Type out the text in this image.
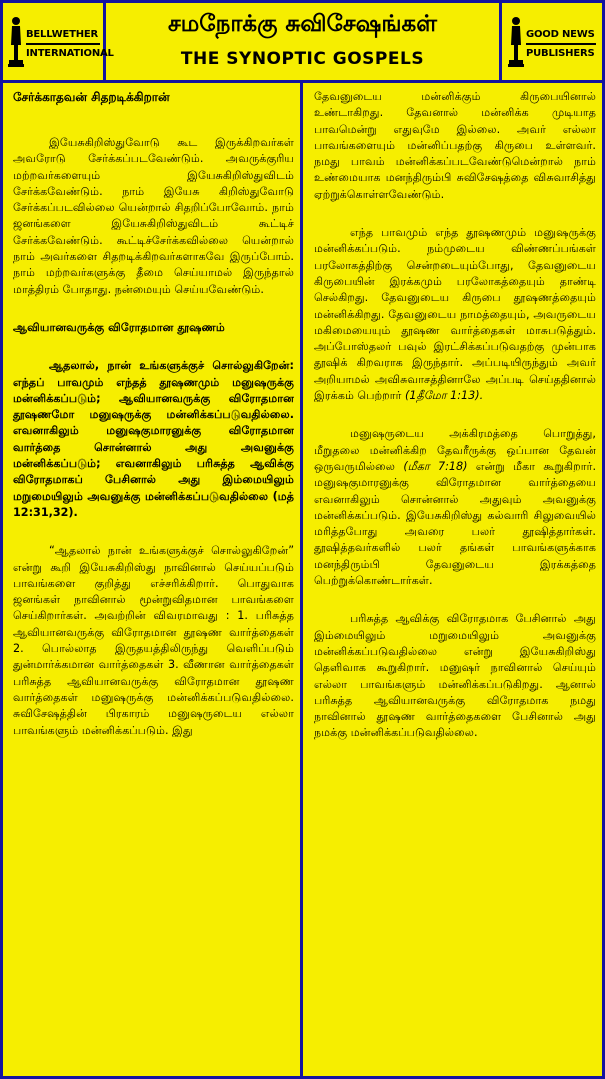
BELLWETHER
INTERNATIONAL
சமநோக்கு சுவிசேஷங்கள்
THE SYNOPTIC GOSPELS
GOOD NEWS
PUBLISHERS
சேர்க்காதவன் சிதறடிக்கிறான்

இயேசுகிறிஸ்துவோடு கூட இருக்கிறவர்கள் அவரோடு சேர்க்கப்படவேண்டும். அவருக்குரிய மற்றவர்களையும் இயேசுகிறிஸ்துவிடம் சேர்க்கவேண்டும். நாம் இயேசு கிறிஸ்துவோடு சேர்க்கப்படவில்லை யென்றால் சிதறிப்போவோம். நாம் ஜனங்களை இயேசுகிறிஸ்துவிடம் கூட்டிச் சேர்க்கவேண்டும். கூட்டிச்சேர்க்கவில்லை யென்றால் நாம் அவர்களை சிதறடிக்கிறவர்களாகவே இருப்போம். நாம் மற்றவர்களுக்கு தீமை செய்யாமல் இருந்தால் மாத்திரம் போதாது. நன்மையும் செய்யவேண்டும்.

ஆவியானவருக்கு விரோதமான தூஷணம்

ஆதலால், நான் உங்களுக்குச் சொல்லுகிறேன்: எந்தப் பாவமும் எந்தத் தூஷணமும் மனுஷருக்கு மன்னிக்கப்படும்; ஆவியானவருக்கு விரோதமான தூஷணமோ மனுஷருக்கு மன்னிக்கப்படுவதில்லை. எவனாகிலும் மனுஷகுமாரனுக்கு விரோதமான வார்த்தை சொன்னால் அது அவனுக்கு மன்னிக்கப்படும்; எவனாகிலும் பரிசுத்த ஆவிக்கு விரோதமாகப் பேசினால் அது இம்மையிலும் மறுமையிலும் அவனுக்கு மன்னிக்கப்படுவதில்லை (மத் 12:31,32).

“ஆதலால் நான் உங்களுக்குச் சொல்லுகிறேன்” என்று கூறி இயேசுகிறிஸ்து நாவினால் செய்யப்படும் பாவங்களை குறித்து எச்சரிக்கிறார். பொதுவாக ஜனங்கள் நாவினால் மூன்றுவிதமான பாவங்களை செய்கிறார்கள். அவற்றின் விவரமாவது : 1. பரிசுத்த ஆவியானவருக்கு விரோதமான தூஷண வார்த்தைகள் 2. பொல்லாத இருதயத்திலிருந்து வெளிப்படும் துன்மார்க்கமான வார்த்தைகள் 3. வீணான வார்த்தைகள் பரிசுத்த ஆவியானவருக்கு விரோதமான தூஷண வார்த்தைகள் மனுஷருக்கு மன்னிக்கப்படுவதில்லை. சுவிசேஷத்தின் பிரகாரம் மனுஷருடைய எல்லா பாவங்களும் மன்னிக்கப்படும். இது

தேவனுடைய மன்னிக்கும் கிருபையினால் உண்டாகிறது. தேவனால் மன்னிக்க முடியாத பாவமென்று எதுவுமே இல்லை. அவர் எல்லா பாவங்களையும் மன்னிப்பதற்கு கிருபை உள்ளவர். நமது பாவம் மன்னிக்கப்படவேண்டுமென்றால் நாம் உண்மையாக மனந்திரும்பி சுவிசேஷத்தை விசுவாசித்து ஏற்றுக்கொள்ளவேண்டும்.

எந்த பாவமும் எந்த தூஷணமும் மனுஷருக்கு மன்னிக்கப்படும். நம்முடைய விண்ணப்பங்கள் பரலோகத்திற்கு சென்றடையும்போது, தேவனுடைய கிருபையின் இரக்கமும் பரலோகத்தையும் தாண்டி செல்கிறது. தேவனுடைய கிருபை தூஷணத்தையும் மன்னிக்கிறது. தேவனுடைய நாமத்தையும், அவருடைய மகிமையையும் தூஷண வார்த்தைகள் மாசுபடுத்தும். அப்போஸ்தலர் பவுல் இரட்சிக்கப்படுவதற்கு முன்பாக தூஷிக் கிறவராக இருந்தார். அப்படியிருந்தும் அவர் அறியாமல் அவிசுவாசத்தினாலே அப்படி செய்ததினால் இரக்கம் பெற்றார் (1தீமோ 1:13).

மனுஷருடைய அக்கிரமத்தை பொறுத்து, மீறுதலை மன்னிக்கிற தேவரீருக்கு ஒப்பான தேவன் ஒருவருமில்லை (மீகா 7:18) என்று மீகா கூறுகிறார். மனுஷகுமாரனுக்கு விரோதமான வார்த்தையை எவனாகிலும் சொன்னால் அதுவும் அவனுக்கு மன்னிக்கப்படும். இயேசுகிறிஸ்து கல்வாரி சிலுவையில் மரித்தபோது அவரை பலர் தூஷித்தார்கள். தூஷித்தவர்களில் பலர் தங்கள் பாவங்களுக்காக மனந்திரும்பி தேவனுடைய இரக்கத்தை பெற்றுக்கொண்டார்கள்.

பரிசுத்த ஆவிக்கு விரோதமாக பேசினால் அது இம்மையிலும் மறுமையிலும் அவனுக்கு மன்னிக்கப்படுவதில்லை என்று இயேசுகிறிஸ்து தெளிவாக கூறுகிறார். மனுஷர் நாவினால் செய்யும் எல்லா பாவங்களும் மன்னிக்கப்படுகிறது. ஆனால் பரிசுத்த ஆவியானவருக்கு விரோதமாக நமது நாவினால் தூஷண வார்த்தைகளை பேசினால் அது நமக்கு மன்னிக்கப்படுவதில்லை.
